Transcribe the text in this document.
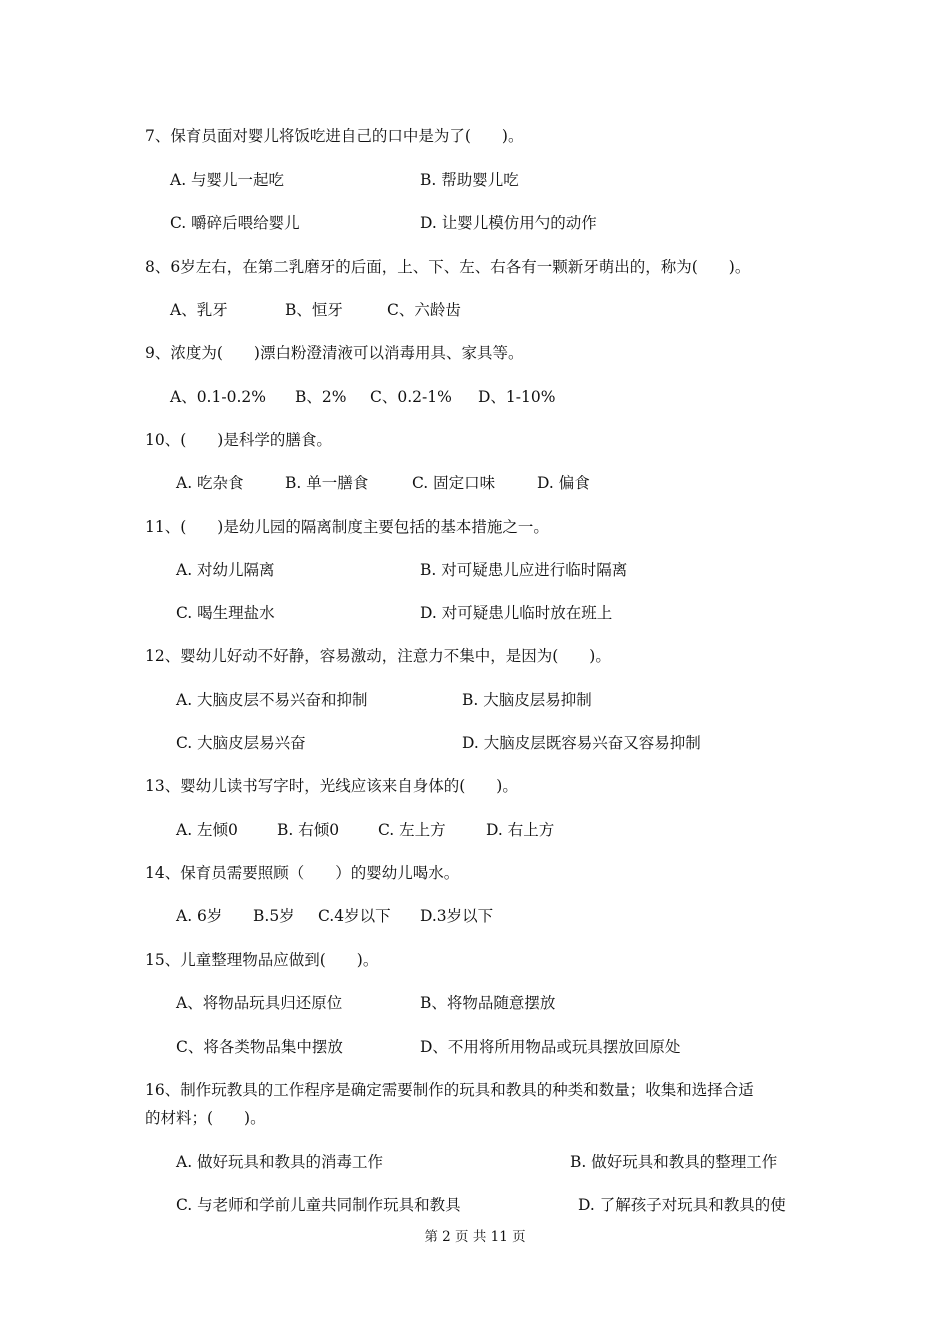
7、保育员面对婴儿将饭吃进自己的口中是为了(　　)。
A. 与婴儿一起吃	B. 帮助婴儿吃
C. 嚼碎后喂给婴儿	D. 让婴儿模仿用勺的动作
8、6岁左右，在第二乳磨牙的后面，上、下、左、右各有一颗新牙萌出的，称为(　　)。
A、乳牙	B、恒牙	C、六龄齿
9、浓度为(　　)漂白粉澄清液可以消毒用具、家具等。
A、0.1-0.2% B、2% C、0.2-1% D、1-10%
10、(　　)是科学的膳食。
A. 吃杂食	B. 单一膳食	C. 固定口味	D. 偏食
11、(　　)是幼儿园的隔离制度主要包括的基本措施之一。
A. 对幼儿隔离	B. 对可疑患儿应进行临时隔离
C. 喝生理盐水	D. 对可疑患儿临时放在班上
12、婴幼儿好动不好静，容易激动，注意力不集中，是因为(　　)。
A. 大脑皮层不易兴奋和抑制	B. 大脑皮层易抑制
C. 大脑皮层易兴奋	D. 大脑皮层既容易兴奋又容易抑制
13、婴幼儿读书写字时，光线应该来自身体的(　　)。
A. 左倾0	B. 右倾0	C. 左上方	D. 右上方
14、保育员需要照顾（　　）的婴幼儿喝水。
A. 6岁 B.5岁 C.4岁以下 D.3岁以下
15、儿童整理物品应做到(　　)。
A、将物品玩具归还原位	B、将物品随意摆放
C、将各类物品集中摆放	D、不用将所用物品或玩具摆放回原处
16、制作玩教具的工作程序是确定需要制作的玩具和教具的种类和数量；收集和选择合适
的材料；(　　)。
A. 做好玩具和教具的消毒工作	B. 做好玩具和教具的整理工作
C. 与老师和学前儿童共同制作玩具和教具	D. 了解孩子对玩具和教具的使
第 2 页 共 11 页
